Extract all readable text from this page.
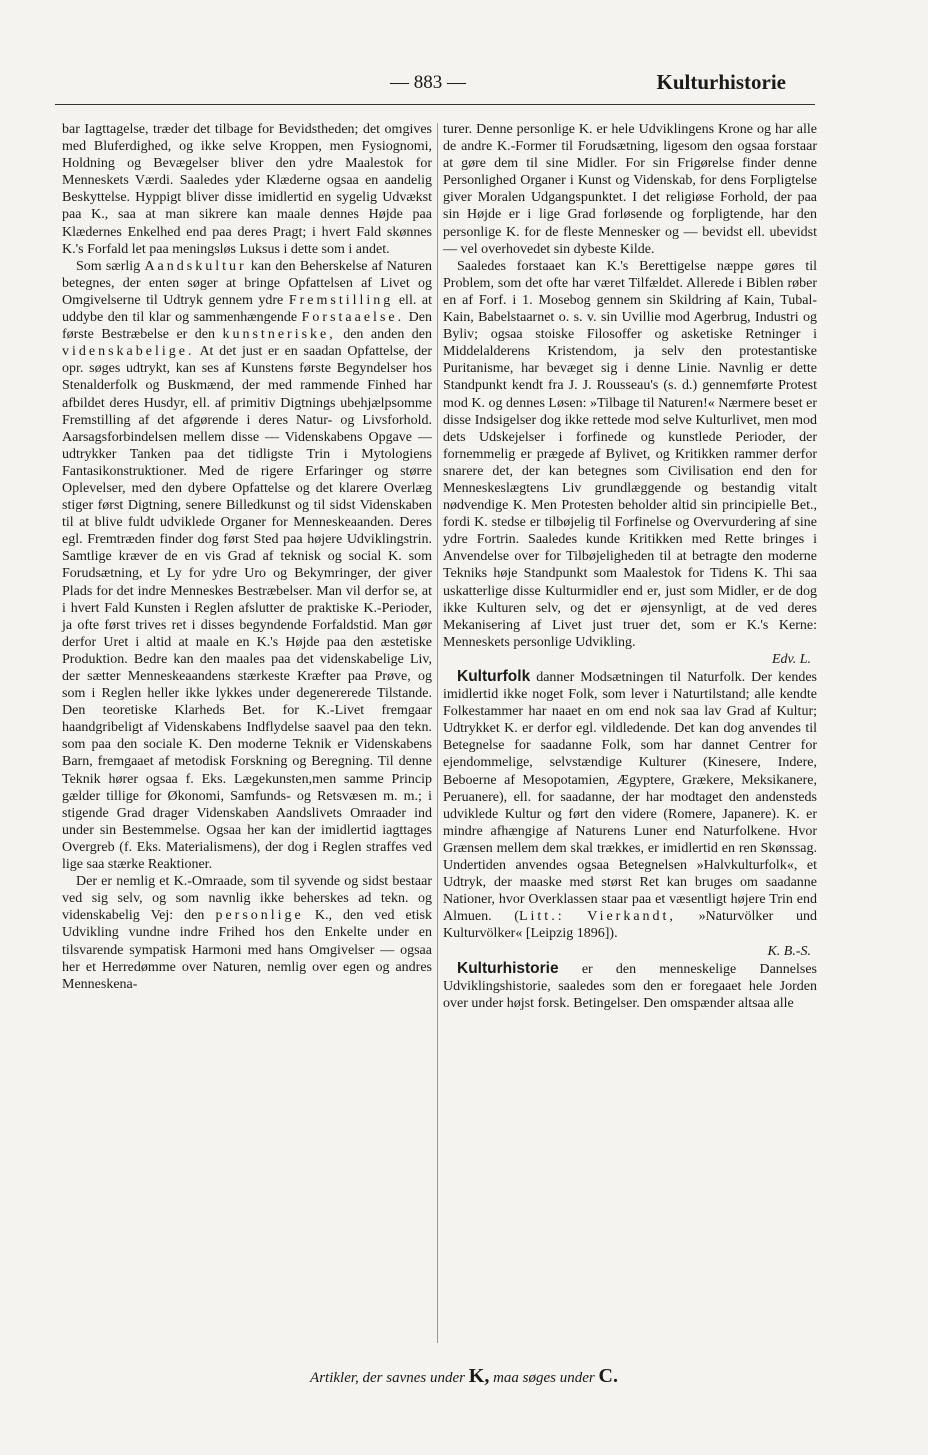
— 883 —	Kulturhistorie

bar Iagttagelse, træder det tilbage for Bevidstheden; det omgives med Bluferdighed, og ikke selve Kroppen, men Fysiognomi, Holdning og Bevægelser bliver den ydre Maalestok for Menneskets Værdi. Saaledes yder Klæderne ogsaa en aandelig Beskyttelse. Hyppigt bliver disse imidlertid en sygelig Udvækst paa K., saa at man sikrere kan maale dennes Højde paa Klædernes Enkelhed end paa deres Pragt; i hvert Fald skønnes K.'s Forfald let paa meningsløs Luksus i dette som i andet.

Som særlig Aandskultur kan den Beherskelse af Naturen betegnes, der enten søger at bringe Opfattelsen af Livet og Omgivelserne til Udtryk gennem ydre Fremstilling ell. at uddybe den til klar og sammenhængende Forstaaelse. Den første Bestræbelse er den kunstneriske, den anden den videnskabelige. At det just er en saadan Opfattelse, der opr. søges udtrykt, kan ses af Kunstens første Begyndelser hos Stenalderfolk og Buskmænd, der med rammende Finhed har afbildet deres Husdyr, ell. af primitiv Digtnings ubehjælpsomme Fremstilling af det afgørende i deres Natur- og Livsforhold. Aarsagsforbindelsen mellem disse — Videnskabens Opgave — udtrykker Tanken paa det tidligste Trin i Mytologiens Fantasikonstruktioner. Med de rigere Erfaringer og større Oplevelser, med den dybere Opfattelse og det klarere Overlæg stiger først Digtning, senere Billedkunst og til sidst Videnskaben til at blive fuldt udviklede Organer for Menneskeaanden. Deres egl. Fremtræden finder dog først Sted paa højere Udviklingstrin. Samtlige kræver de en vis Grad af teknisk og social K. som Forudsætning, et Ly for ydre Uro og Bekymringer, der giver Plads for det indre Menneskes Bestræbelser. Man vil derfor se, at i hvert Fald Kunsten i Reglen afslutter de praktiske K.-Perioder, ja ofte først trives ret i disses begyndende Forfaldstid. Man gør derfor Uret i altid at maale en K.'s Højde paa den æstetiske Produktion. Bedre kan den maales paa det videnskabelige Liv, der sætter Menneskeaandens stærkeste Kræfter paa Prøve, og som i Reglen heller ikke lykkes under degenererede Tilstande. Den teoretiske Klarheds Bet. for K.-Livet fremgaar haandgribeligt af Videnskabens Indflydelse saavel paa den tekn. som paa den sociale K. Den moderne Teknik er Videnskabens Barn, fremgaaet af metodisk Forskning og Beregning. Til denne Teknik hører ogsaa f. Eks. Lægekunsten,men samme Princip gælder tillige for Økonomi, Samfunds- og Retsvæsen m. m.; i stigende Grad drager Videnskaben Aandslivets Omraader ind under sin Bestemmelse. Ogsaa her kan der imidlertid iagttages Overgreb (f. Eks. Materialismens), der dog i Reglen straffes ved lige saa stærke Reaktioner.

Der er nemlig et K.-Omraade, som til syvende og sidst bestaar ved sig selv, og som navnlig ikke beherskes ad tekn. og videnskabelig Vej: den personlige K., den ved etisk Udvikling vundne indre Frihed hos den Enkelte under en tilsvarende sympatisk Harmoni med hans Omgivelser — ogsaa her et Herredømme over Naturen, nemlig over egen og andres Menneskena-

turer. Denne personlige K. er hele Udviklingens Krone og har alle de andre K.-Former til Forudsætning, ligesom den ogsaa forstaar at gøre dem til sine Midler. For sin Frigørelse finder denne Personlighed Organer i Kunst og Videnskab, for dens Forpligtelse giver Moralen Udgangspunktet. I det religiøse Forhold, der paa sin Højde er i lige Grad forløsende og forpligtende, har den personlige K. for de fleste Mennesker og — bevidst ell. ubevidst — vel overhovedet sin dybeste Kilde.

Saaledes forstaaet kan K.'s Berettigelse næppe gøres til Problem, som det ofte har været Tilfældet. Allerede i Biblen røber en af Forf. i 1. Mosebog gennem sin Skildring af Kain, Tubal-Kain, Babelstaarnet o. s. v. sin Uvillie mod Agerbrug, Industri og Byliv; ogsaa stoiske Filosoffer og asketiske Retninger i Middelalderens Kristendom, ja selv den protestantiske Puritanisme, har bevæget sig i denne Linie. Navnlig er dette Standpunkt kendt fra J. J. Rousseau's (s. d.) gennemførte Protest mod K. og dennes Løsen: »Tilbage til Naturen!« Nærmere beset er disse Indsigelser dog ikke rettede mod selve Kulturlivet, men mod dets Udskejelser i forfinede og kunstlede Perioder, der fornemmelig er prægede af Bylivet, og Kritikken rammer derfor snarere det, der kan betegnes som Civilisation end den for Menneskeslægtens Liv grundlæggende og bestandig vitalt nødvendige K. Men Protesten beholder altid sin principielle Bet., fordi K. stedse er tilbøjelig til Forfinelse og Overvurdering af sine ydre Fortrin. Saaledes kunde Kritikken med Rette bringes i Anvendelse over for Tilbøjeligheden til at betragte den moderne Tekniks høje Standpunkt som Maalestok for Tidens K. Thi saa uskatterlige disse Kulturmidler end er, just som Midler, er de dog ikke Kulturen selv, og det er øjensynligt, at de ved deres Mekanisering af Livet just truer det, som er K.'s Kerne: Menneskets personlige Udvikling.

Edv. L.

Kulturfolk danner Modsætningen til Naturfolk. Der kendes imidlertid ikke noget Folk, som lever i Naturtilstand; alle kendte Folkestammer har naaet en om end nok saa lav Grad af Kultur; Udtrykket K. er derfor egl. vildledende. Det kan dog anvendes til Betegnelse for saadanne Folk, som har dannet Centrer for ejendommelige, selvstændige Kulturer (Kinesere, Indere, Beboerne af Mesopotamien, Ægyptere, Grækere, Meksikanere, Peruanere), ell. for saadanne, der har modtaget den andensteds udviklede Kultur og ført den videre (Romere, Japanere). K. er mindre afhængige af Naturens Luner end Naturfolkene. Hvor Grænsen mellem dem skal trækkes, er imidlertid en ren Skønssag. Undertiden anvendes ogsaa Betegnelsen »Halvkulturfolk«, et Udtryk, der maaske med størst Ret kan bruges om saadanne Nationer, hvor Overklassen staar paa et væsentligt højere Trin end Almuen. (Litt.: Vierkandt, »Naturvölker und Kulturvölker« [Leipzig 1896]).

K. B.-S.

Kulturhistorie er den menneskelige Dannelses Udviklingshistorie, saaledes som den er foregaaet hele Jorden over under højst forsk. Betingelser. Den omspænder altsaa alle

Artikler, der savnes under K, maa søges under C.
